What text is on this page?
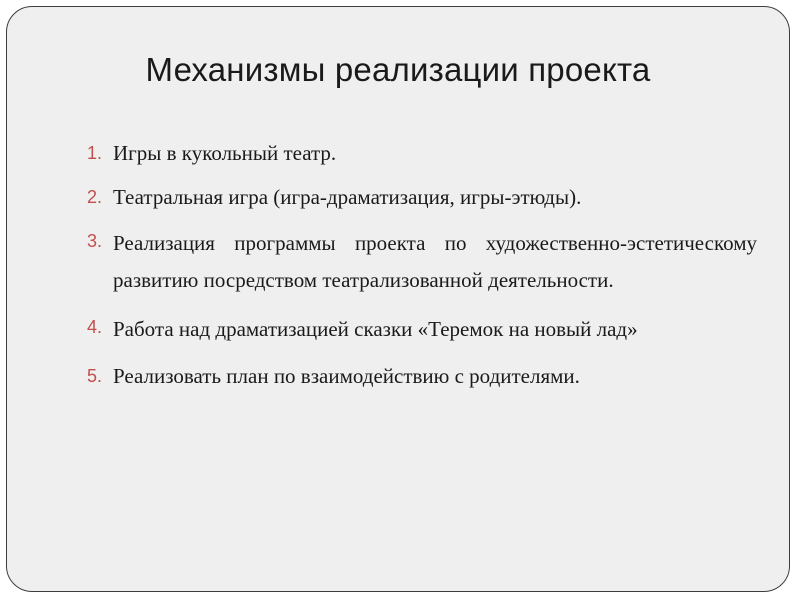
Механизмы реализации проекта
1. Игры в кукольный театр.
2. Театральная игра (игра-драматизация, игры-этюды).
3. Реализация программы проекта по художественно-эстетическому развитию посредством театрализованной деятельности.
4. Работа над драматизацией сказки «Теремок на новый лад»
5. Реализовать план по взаимодействию с родителями.
